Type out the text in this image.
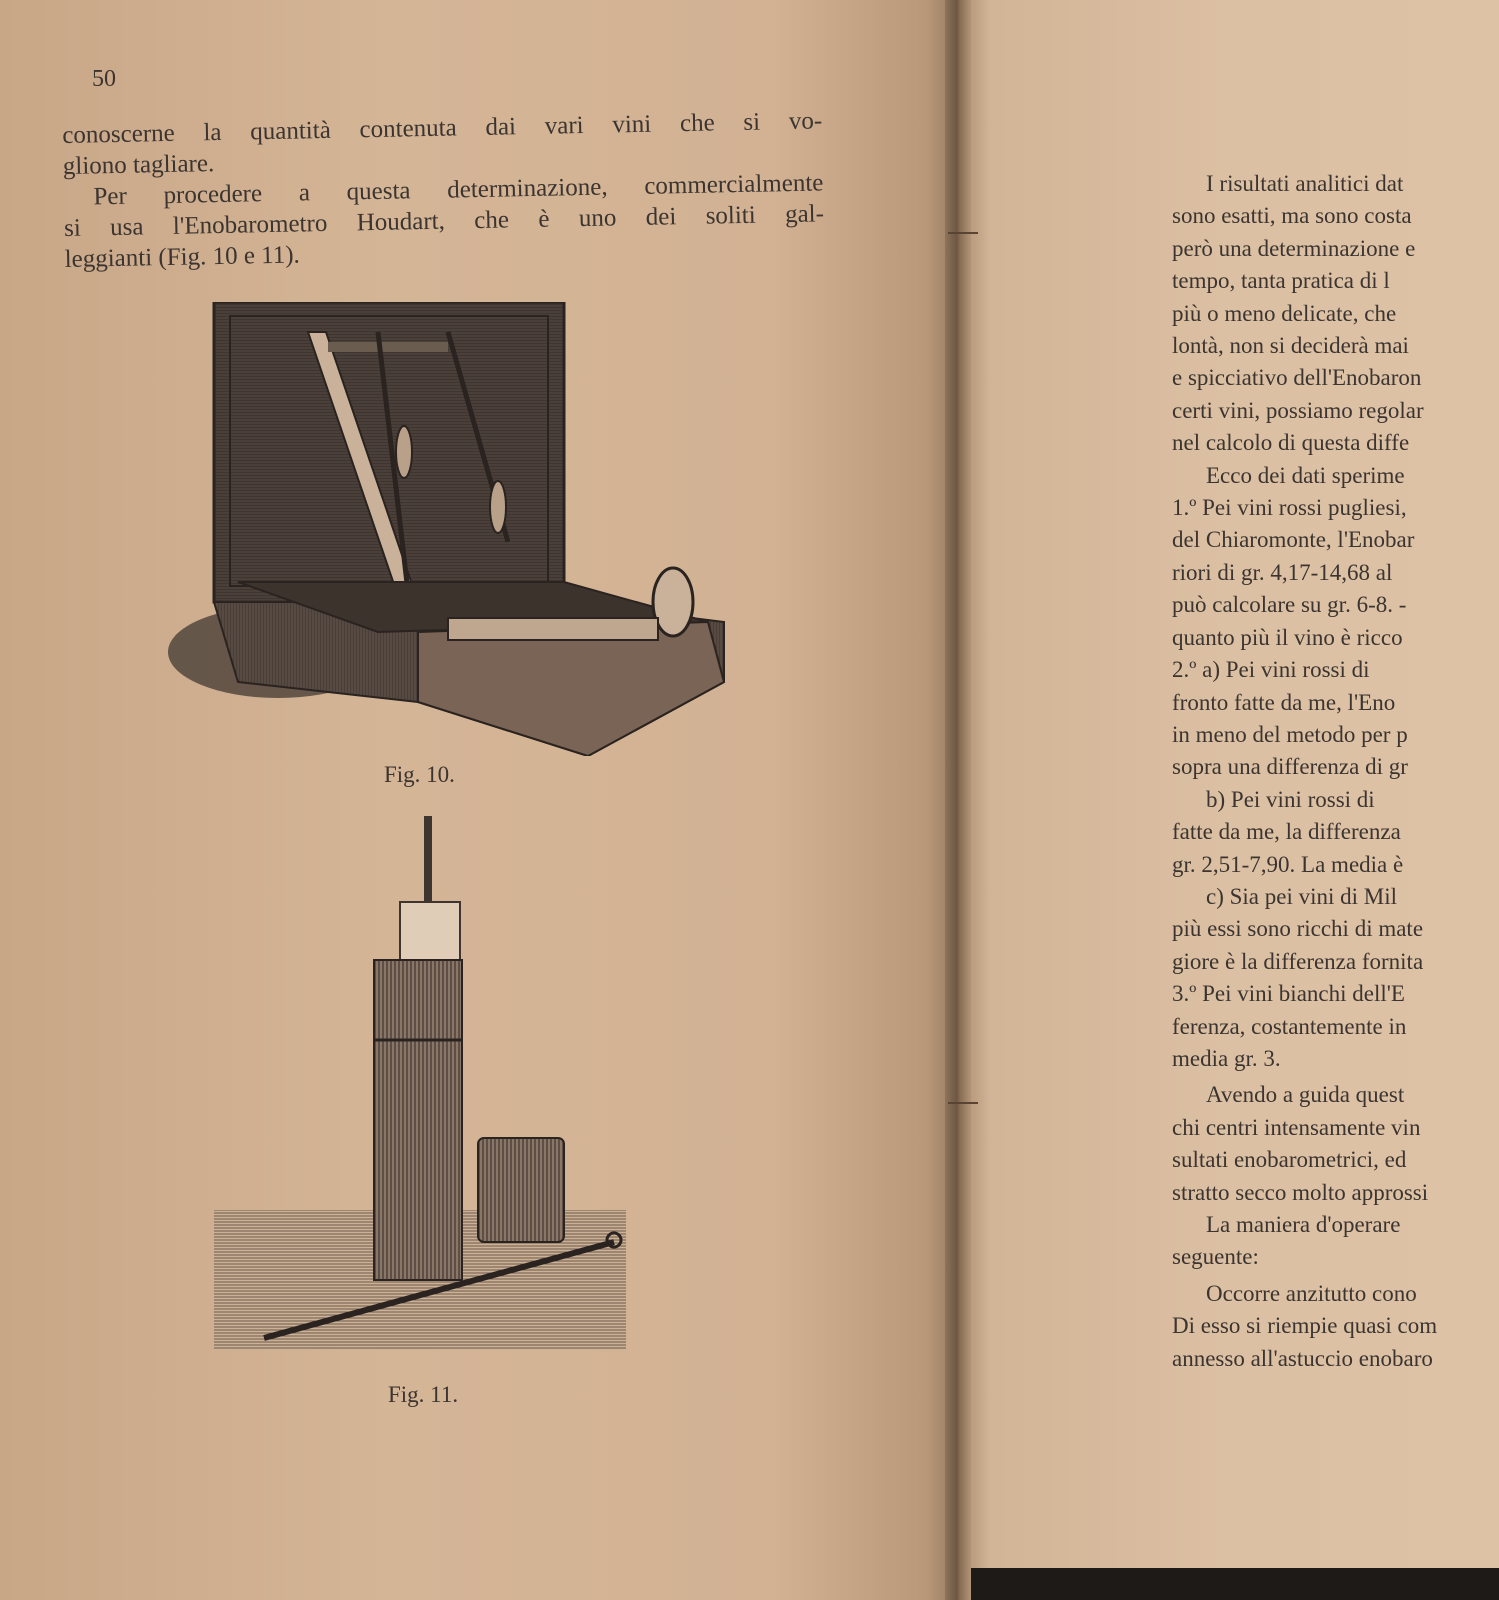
50
conoscerne la quantità contenuta dai vari vini che si vo-
gliono tagliare.
Per procedere a questa determinazione, commercialmente
si usa l'Enobarometro Houdart, che è uno dei soliti gal-
leggianti (Fig. 10 e 11).
Fig. 10.
Fig. 11.
I risultati analitici dat
sono esatti, ma sono costa
però una determinazione e
tempo, tanta pratica di l
più o meno delicate, che
lontà, non si deciderà mai
e spicciativo dell'Enobaron
certi vini, possiamo regolar
nel calcolo di questa diffe
Ecco dei dati sperime
1.º Pei vini rossi pugliesi,
del Chiaromonte, l'Enobar
riori di gr. 4,17-14,68 al
può calcolare su gr. 6-8. -
quanto più il vino è ricco
2.º a) Pei vini rossi di
fronto fatte da me, l'Eno
in meno del metodo per p
sopra una differenza di gr
b) Pei vini rossi di
fatte da me, la differenza
gr. 2,51-7,90. La media è
c) Sia pei vini di Mil
più essi sono ricchi di mate
giore è la differenza fornita
3.º Pei vini bianchi dell'E
ferenza, costantemente in
media gr. 3.
Avendo a guida quest
chi centri intensamente vin
sultati enobarometrici, ed
stratto secco molto approssi
La maniera d'operare
seguente:
Occorre anzitutto cono
Di esso si riempie quasi com
annesso all'astuccio enobaro
